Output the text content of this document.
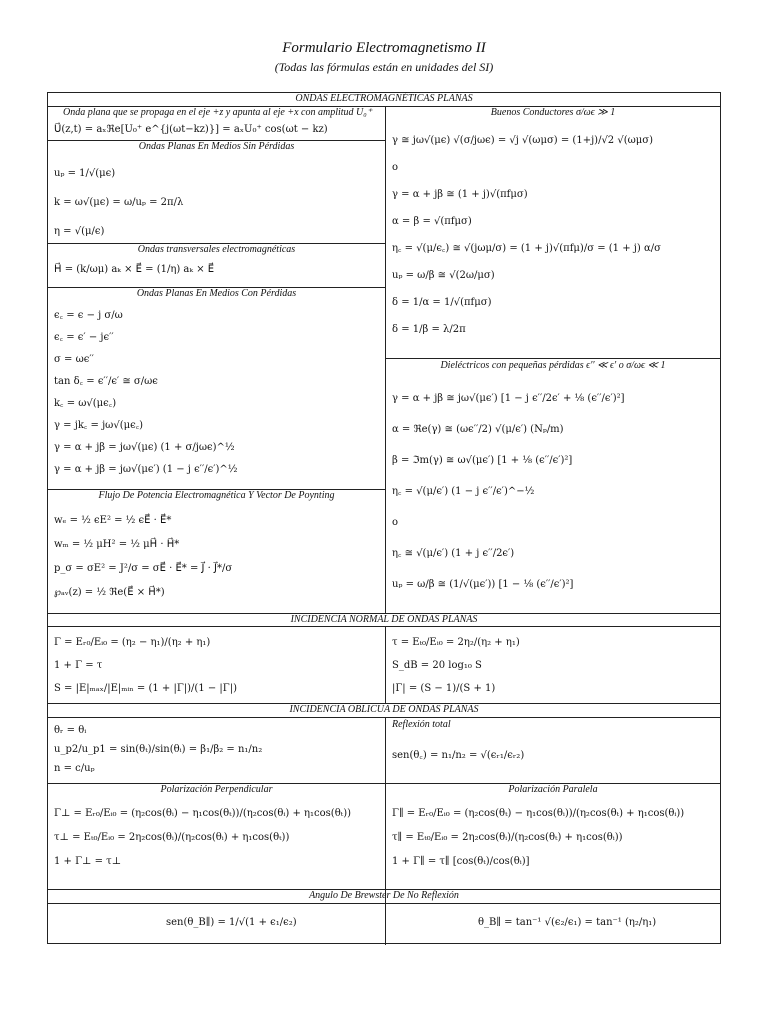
Formulario Electromagnetismo II
(Todas las fórmulas están en unidades del SI)
ONDAS ELECTROMAGNÉTICAS PLANAS
Onda plana que se propaga en el eje +z y apunta al eje +x con amplitud U₀⁺
U⃗(z,t) = aₓℜe[U₀⁺ e^{j(ωt−kz)}] = aₓU₀⁺ cos(ωt − kz)
Ondas Planas En Medios Sin Pérdidas
uₚ = 1/√(μϵ)
k = ω√(μϵ) = ω/uₚ = 2π/λ
η = √(μ/ϵ)
Ondas transversales electromagnéticas
H⃗ = (k/ωμ) aₖ × E⃗ = (1/η) aₖ × E⃗
Ondas Planas En Medios Con Pérdidas
ϵ꜀ = ϵ − j σ/ω
ϵ꜀ = ϵ′ − jϵ′′
σ = ωϵ′′
tan δ꜀ = ϵ′′/ϵ′ ≅ σ/ωϵ
k꜀ = ω√(μϵ꜀)
γ = jk꜀ = jω√(μϵ꜀)
γ = α + jβ = jω√(μϵ) (1 + σ/jωϵ)^½
γ = α + jβ = jω√(μϵ′) (1 − j ϵ′′/ϵ′)^½
Flujo De Potencia Electromagnética Y Vector De Poynting
wₑ = ½ ϵE² = ½ ϵE⃗ · E⃗*
wₘ = ½ μH² = ½ μH⃗ · H⃗*
p_σ = σE² = J²/σ = σE⃗ · E⃗* = J⃗ · J⃗*/σ
℘ₐᵥ(z) = ½ ℜe(E⃗ × H⃗*)
Buenos Conductores σ/ωϵ ≫ 1
γ ≅ jω√(μϵ) √(σ/jωϵ) = √j √(ωμσ) = (1+j)/√2 √(ωμσ)
o
γ = α + jβ ≅ (1 + j)√(πfμσ)
α = β = √(πfμσ)
η꜀ = √(μ/ϵ꜀) ≅ √(jωμ/σ) = (1 + j)√(πfμ)/σ = (1 + j) α/σ
uₚ = ω/β ≅ √(2ω/μσ)
δ = 1/α = 1/√(πfμσ)
δ = 1/β = λ/2π
Dieléctricos con pequeñas pérdidas ϵ′′ ≪ ϵ′ o σ/ωϵ ≪ 1
γ = α + jβ ≅ jω√(μϵ′) [1 − j ϵ′′/2ϵ′ + ⅛ (ϵ′′/ϵ′)²]
α = ℜe(γ) ≅ (ωϵ′′/2) √(μ/ϵ′) (Nₚ/m)
β = ℑm(γ) ≅ ω√(μϵ′) [1 + ⅛ (ϵ′′/ϵ′)²]
η꜀ = √(μ/ϵ′) (1 − j ϵ′′/ϵ′)^−½
o
η꜀ ≅ √(μ/ϵ′) (1 + j ϵ′′/2ϵ′)
uₚ = ω/β ≅ (1/√(μϵ′)) [1 − ⅛ (ϵ′′/ϵ′)²]
INCIDENCIA NORMAL DE ONDAS PLANAS
Γ = Eᵣ₀/Eᵢ₀ = (η₂ − η₁)/(η₂ + η₁)
1 + Γ = τ
S = |E|ₘₐₓ/|E|ₘᵢₙ = (1 + |Γ|)/(1 − |Γ|)
τ = Eₜ₀/Eᵢ₀ = 2η₂/(η₂ + η₁)
S_dB = 20 log₁₀ S
|Γ| = (S − 1)/(S + 1)
INCIDENCIA OBLICUA DE ONDAS PLANAS
θᵣ = θᵢ
u_p2/u_p1 = sin(θₜ)/sin(θᵢ) = β₁/β₂ = n₁/n₂
n = c/uₚ
Reflexión total
sen(θ꜀) = n₁/n₂ = √(ϵᵣ₁/ϵᵣ₂)
Polarización Perpendicular
Γ⊥ = Eᵣ₀/Eᵢ₀ = (η₂cos(θᵢ) − η₁cos(θₜ))/(η₂cos(θᵢ) + η₁cos(θₜ))
τ⊥ = Eₜ₀/Eᵢ₀ = 2η₂cos(θᵢ)/(η₂cos(θᵢ) + η₁cos(θₜ))
1 + Γ⊥ = τ⊥
Polarización Paralela
Γ∥ = Eᵣ₀/Eᵢ₀ = (η₂cos(θₜ) − η₁cos(θᵢ))/(η₂cos(θₜ) + η₁cos(θᵢ))
τ∥ = Eₜ₀/Eᵢ₀ = 2η₂cos(θᵢ)/(η₂cos(θₜ) + η₁cos(θᵢ))
1 + Γ∥ = τ∥ [cos(θₜ)/cos(θᵢ)]
Angulo De Brewster De No Reflexión
sen(θ_B∥) = 1/√(1 + ϵ₁/ϵ₂)	θ_B∥ = tan⁻¹ √(ϵ₂/ϵ₁) = tan⁻¹ (η₂/η₁)
